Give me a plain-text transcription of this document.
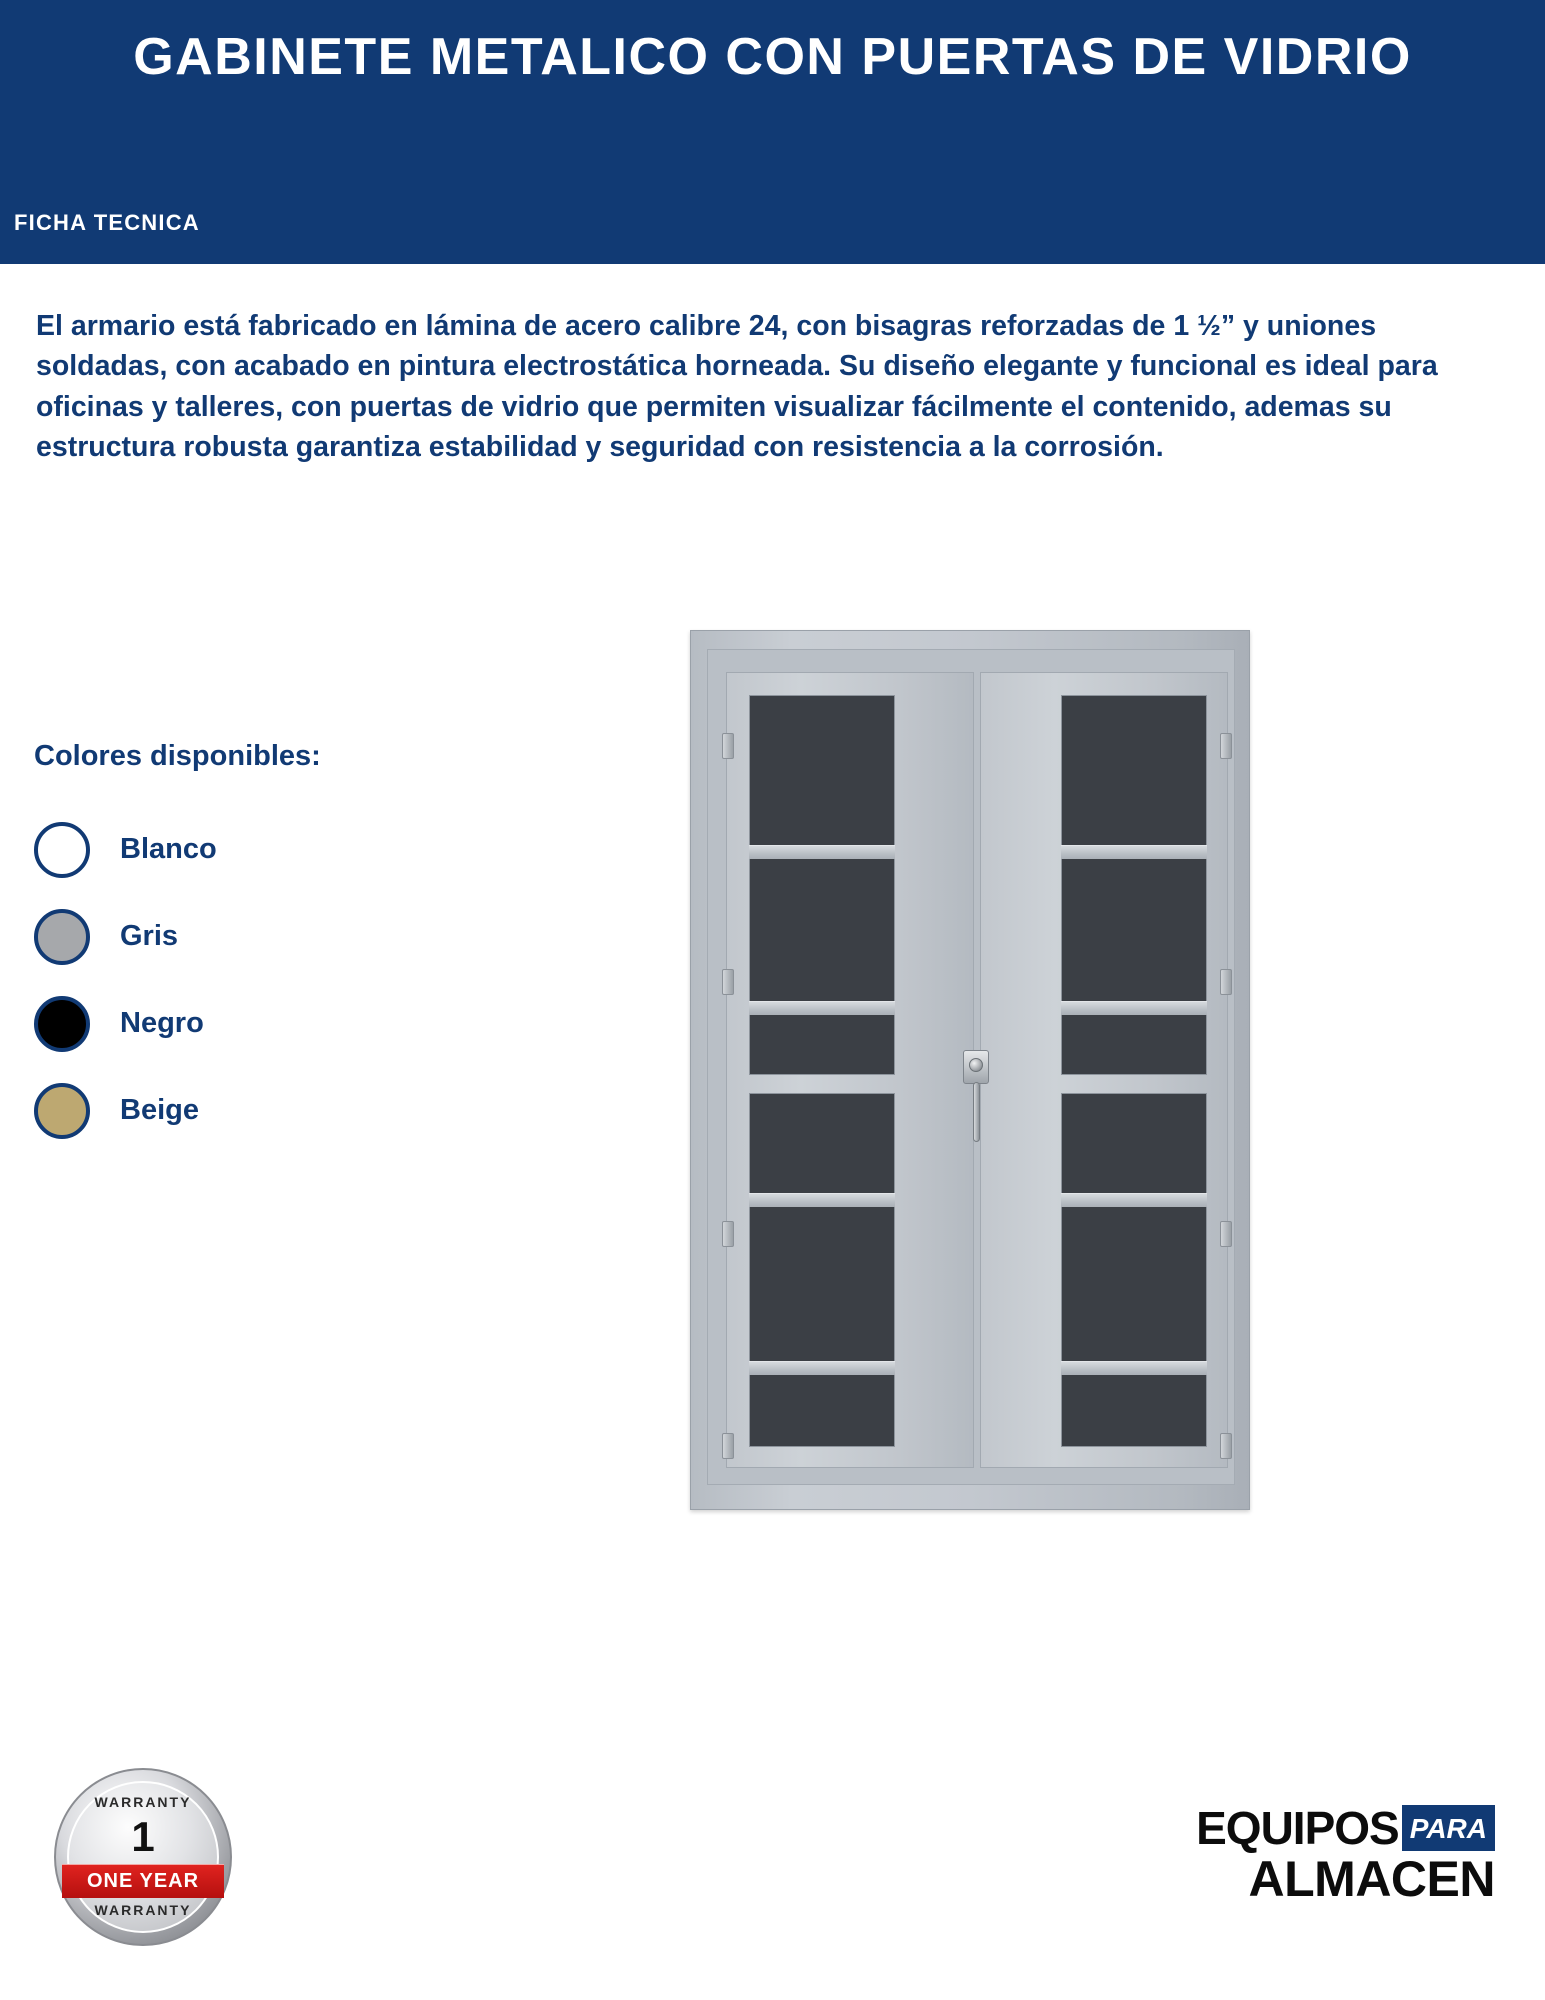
GABINETE METALICO CON PUERTAS DE VIDRIO
FICHA TECNICA
El armario está fabricado en lámina de acero calibre 24, con bisagras reforzadas de 1 ½” y uniones soldadas, con acabado en pintura electrostática horneada. Su diseño elegante y funcional es ideal para oficinas y talleres, con puertas de vidrio que permiten visualizar fácilmente el contenido, ademas su estructura robusta garantiza estabilidad y seguridad con resistencia a la corrosión.
Colores disponibles:
Blanco
Gris
Negro
Beige
WARRANTY
1
ONE YEAR
WARRANTY
EQUIPOS PARA
ALMACEN
